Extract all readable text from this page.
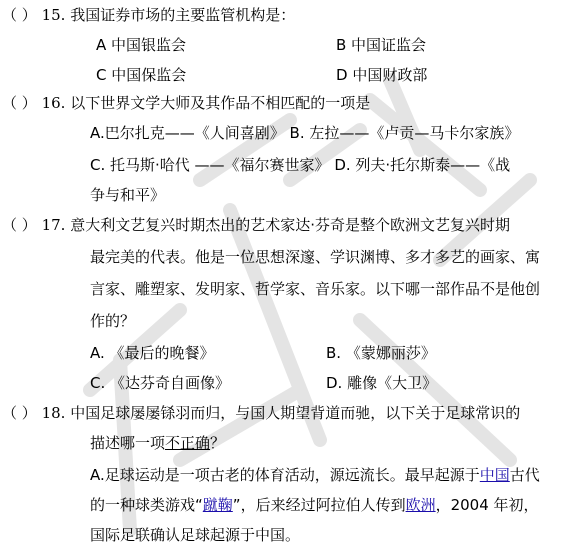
（ ） 15. 我国证券市场的主要监管机构是：
A 中国银监会	B 中国证监会
C 中国保监会	D 中国财政部
（ ） 16. 以下世界文学大师及其作品不相匹配的一项是
A.巴尔扎克——《人间喜剧》 B. 左拉——《卢贡—马卡尔家族》
C. 托马斯·哈代 ——《福尔赛世家》 D. 列夫·托尔斯泰——《战
争与和平》
（ ） 17. 意大利文艺复兴时期杰出的艺术家达·芬奇是整个欧洲文艺复兴时期
最完美的代表。他是一位思想深邃、学识渊博、多才多艺的画家、寓
言家、雕塑家、发明家、哲学家、音乐家。以下哪一部作品不是他创
作的？
A. 《最后的晚餐》	B. 《蒙娜丽莎》
C. 《达芬奇自画像》	D. 雕像《大卫》
（ ） 18. 中国足球屡屡铩羽而归，与国人期望背道而驰，以下关于足球常识的
描述哪一项不正确？
A.足球运动是一项古老的体育活动，源远流长。最早起源于中国古代
的一种球类游戏“蹴鞠”，后来经过阿拉伯人传到欧洲，2004 年初，
国际足联确认足球起源于中国。
